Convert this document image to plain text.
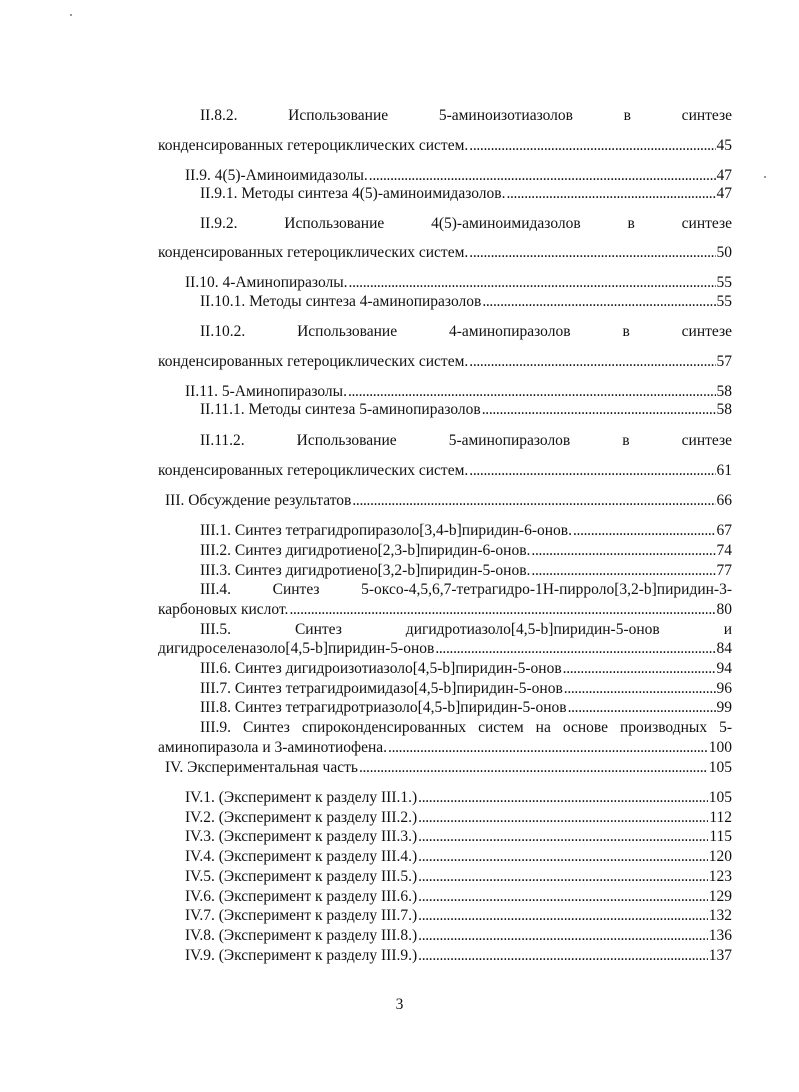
II.8.2. Использование 5-аминоизотиазолов в синтезе
конденсированных гетероциклических систем. . . .	45
II.9. 4(5)-Аминоимидазолы. . . .	47
II.9.1. Методы синтеза 4(5)-аминоимидазолов. . . .	47
II.9.2. Использование 4(5)-аминоимидазолов в синтезе
конденсированных гетероциклических систем. . . .	50
II.10. 4-Аминопиразолы. . . .	55
II.10.1. Методы синтеза 4-аминопиразолов . . .	55
II.10.2. Использование 4-аминопиразолов в синтезе
конденсированных гетероциклических систем. . . .	57
II.11. 5-Аминопиразолы. . . .	58
II.11.1. Методы синтеза 5-аминопиразолов . . .	58
II.11.2. Использование 5-аминопиразолов в синтезе
конденсированных гетероциклических систем. . . .	61
III. Обсуждение результатов . . .	66
III.1. Синтез тетрагидропиразоло[3,4-b]пиридин-6-онов. . . .	67
III.2. Синтез дигидротиено[2,3-b]пиридин-6-онов. . . .	74
III.3. Синтез дигидротиено[3,2-b]пиридин-5-онов. . . .	77
III.4. Синтез 5-оксо-4,5,6,7-тетрагидро-1Н-пирроло[3,2-b]пиридин-3-
карбоновых кислот. . . .	80
III.5. Синтез дигидротиазоло[4,5-b]пиридин-5-онов и
дигидроселеназоло[4,5-b]пиридин-5-онов . . .	84
III.6. Синтез дигидроизотиазоло[4,5-b]пиридин-5-онов . . .	94
III.7. Синтез тетрагидроимидазо[4,5-b]пиридин-5-онов . . .	96
III.8. Синтез тетрагидротриазоло[4,5-b]пиридин-5-онов . . .	99
III.9. Синтез спироконденсированных систем на основе производных 5-
аминопиразола и 3-аминотиофена. . . .	100
IV. Экспериментальная часть . . .	105
IV.1. (Эксперимент к разделу III.1.) . . .	105
IV.2. (Эксперимент к разделу III.2.) . . .	112
IV.3. (Эксперимент к разделу III.3.) . . .	115
IV.4. (Эксперимент к разделу III.4.) . . .	120
IV.5. (Эксперимент к разделу III.5.) . . .	123
IV.6. (Эксперимент к разделу III.6.) . . .	129
IV.7. (Эксперимент к разделу III.7.) . . .	132
IV.8. (Эксперимент к разделу III.8.) . . .	136
IV.9. (Эксперимент к разделу III.9.) . . .	137
3
